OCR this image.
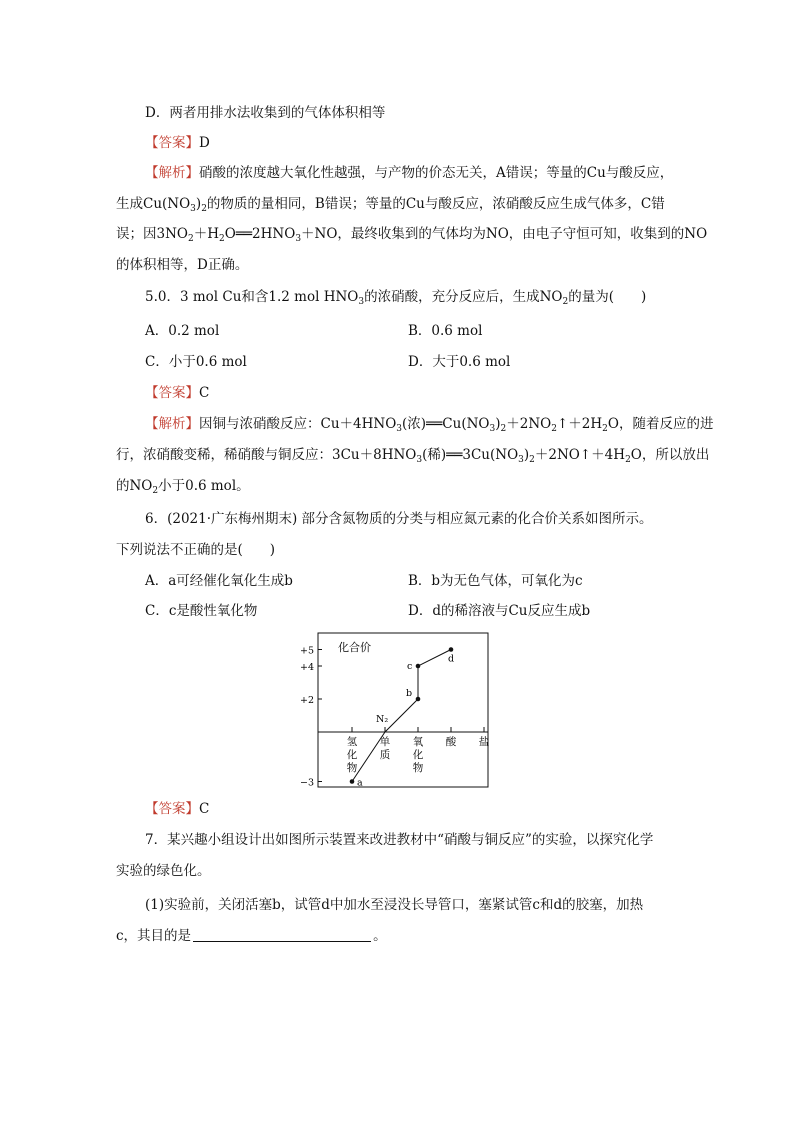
D．两者用排水法收集到的气体体积相等
【答案】D
【解析】硝酸的浓度越大氧化性越强，与产物的价态无关，A错误；等量的Cu与酸反应，
生成$Cu(NO_3)_2$的物质的量相同，B错误；等量的Cu与酸反应，浓硝酸反应生成气体多，C错
误；因$3NO_2+H_2O══2HNO_3+NO$，最终收集到的气体均为NO，由电子守恒可知，收集到的NO
的体积相等，D正确。
5.0．3 mol Cu和含1.2 mol $HNO_3$的浓硝酸，充分反应后，生成$NO_2$的量为(　　)
A．0.2 mol	B．0.6 mol
C．小于0.6 mol	D．大于0.6 mol
【答案】C
【解析】因铜与浓硝酸反应：$Cu+4HNO_3$(浓)$══Cu(NO_3)_2+2NO_2↑+2H_2O$，随着反应的进
行，浓硝酸变稀，稀硝酸与铜反应：$3Cu+8HNO_3$(稀)$══3Cu(NO_3)_2+2NO↑+4H_2O$，所以放出
的$NO_2$小于0.6 mol。
6．(2021·广东梅州期末) 部分含氮物质的分类与相应氮元素的化合价关系如图所示。
下列说法不正确的是(　　)
A．a可经催化氧化生成b	B．b为无色气体，可氧化为c
C．c是酸性氧化物	D．d的稀溶液与Cu反应生成b
化合价
+5
+4
+2
−3
氢
化
物
单
质
氧
化
物
酸 盐
a
N₂
b
c
d
【答案】C
7．某兴趣小组设计出如图所示装置来改进教材中“硝酸与铜反应”的实验，以探究化学
实验的绿色化。
(1)实验前，关闭活塞b，试管d中加水至浸没长导管口，塞紧试管c和d的胶塞，加热
c，其目的是	。
